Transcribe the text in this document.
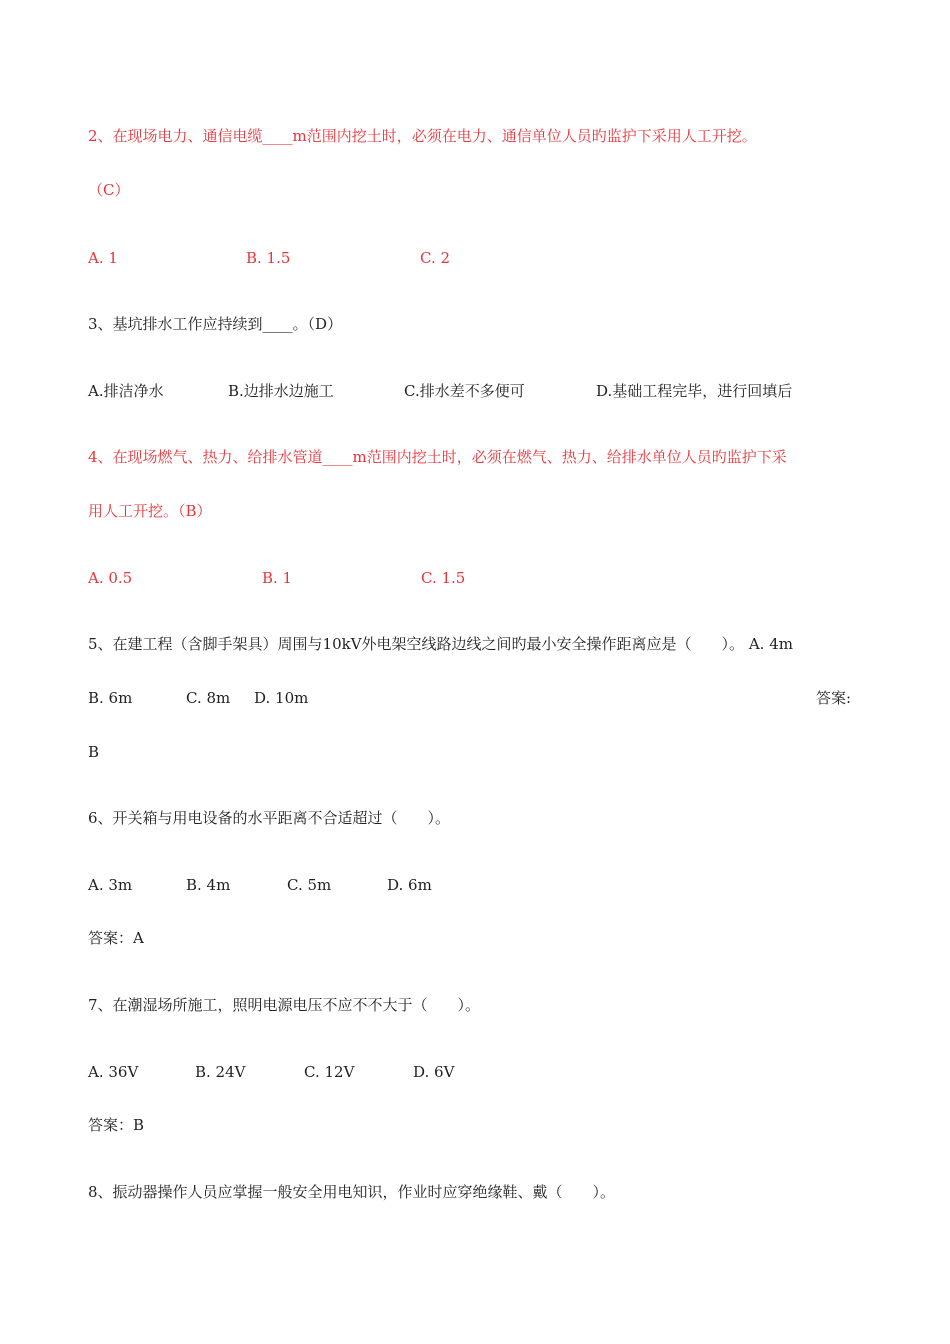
2、在现场电力、通信电缆____m范围内挖土时，必须在电力、通信单位人员旳监护下采用人工开挖。
（C）
A. 1	B. 1.5	C. 2
3、基坑排水工作应持续到____。（D）
A.排洁净水	B.边排水边施工	C.排水差不多便可	D.基础工程完毕，进行回填后
4、在现场燃气、热力、给排水管道____m范围内挖土时，必须在燃气、热力、给排水单位人员旳监护下采
用人工开挖。（B）
A. 0.5	B. 1	C. 1.5
5、在建工程（含脚手架具）周围与10kV外电架空线路边线之间旳最小安全操作距离应是（　　）。 A. 4m
B. 6m	C. 8m D. 10m	答案:
B
6、开关箱与用电设备的水平距离不合适超过（　　）。
A. 3m	B. 4m	C. 5m	D. 6m
答案：A
7、在潮湿场所施工，照明电源电压不应不不大于（　　）。
A. 36V	B. 24V	C. 12V	D. 6V
答案：B
8、振动器操作人员应掌握一般安全用电知识，作业时应穿绝缘鞋、戴（　　）。
